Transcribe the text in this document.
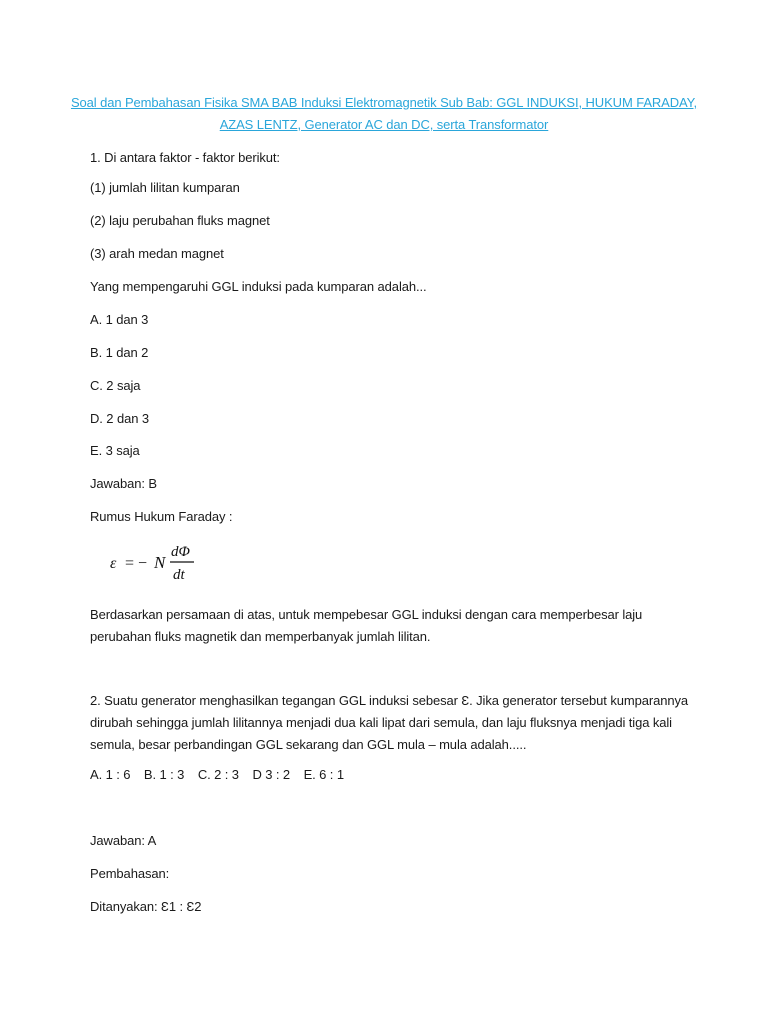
Soal dan Pembahasan Fisika SMA BAB Induksi Elektromagnetik Sub Bab: GGL INDUKSI, HUKUM FARADAY,
AZAS LENTZ, Generator AC dan DC, serta Transformator
1. Di antara faktor - faktor berikut:
(1) jumlah lilitan kumparan
(2) laju perubahan fluks magnet
(3) arah medan magnet
Yang mempengaruhi GGL induksi pada kumparan adalah...
A. 1 dan 3
B. 1 dan 2
C. 2 saja
D. 2 dan 3
E. 3 saja
Jawaban: B
Rumus Hukum Faraday :
ε = − N
dΦ
dt
Berdasarkan persamaan di atas, untuk mempebesar GGL induksi dengan cara memperbesar laju
perubahan fluks magnetik dan memperbanyak jumlah lilitan.
2. Suatu generator menghasilkan tegangan GGL induksi sebesar Ɛ. Jika generator tersebut kumparannya
dirubah sehingga jumlah lilitannya menjadi dua kali lipat dari semula, dan laju fluksnya menjadi tiga kali
semula, besar perbandingan GGL sekarang dan GGL mula – mula adalah.....
A. 1 : 6 B. 1 : 3 C. 2 : 3 D 3 : 2 E. 6 : 1
Jawaban: A
Pembahasan:
Ditanyakan: Ɛ1 : Ɛ2
